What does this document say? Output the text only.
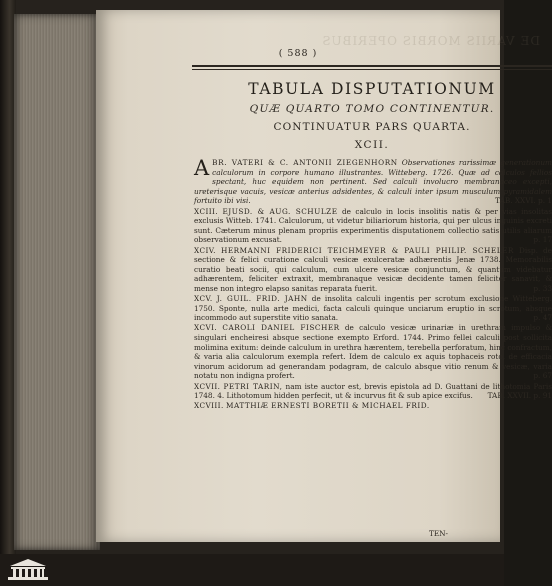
DE VARIIS MORBIS OPERIBUS
( 588 )
TABULA DISPUTATIONUM
QUÆ QUARTO TOMO CONTINENTUR.
CONTINUATUR PARS QUARTA.
XCII.
A BR. VATERI & C. ANTONII ZIEGENHORN Observationes rarissimæ generationum calculorum in corpore humano illustrantes. Witteberg. 1726. Quæ ad calculos fellios spectant, huc equidem non pertinent. Sed calculi involucro membranaceo excepti, ureterisque vacuis, vesicæ anterius adsidentes, & calculi inter ipsum musculum pyramidalem fortuito ibi visi.	TAB. XXVI. p. 1
XCIII. EJUSD. & AUG. SCHULZE de calculo in locis insolitis natis & per vias insolitas exclusis Witteb. 1741. Calculorum, ut videtur biliariorum historia, qui per ulcus inguinis excreti sunt. Cæterum minus plenam propriis experimentis disputationem collectio satis utilis aliarum observationum excusat.	p. 17
XCIV. HERMANNI FRIDERICI TEICHMEYER & PAULI PHILIP. SCHELER Disp. de sectione & felici curatione calculi vesicæ exulceratæ adhærentis Jenæ 1738. Memorabilis curatio beati socii, qui calculum, cum ulcere vesicæ conjunctum, & quantum videbatur adhærentem, feliciter extraxit, membranaque vesicæ decidente tamen feliciter sanavit, & mense non integro elapso sanitas reparata fuerit.	p. 33
XCV. J. GUIL. FRID. JAHN de insolita calculi ingentis per scrotum exclusione Witteberg. 1750. Sponte, nulla arte medici, facta calculi quinque unciarum eruptio in scrotum, absque incommodo aut superstite vitio sanata.	p. 47
XCVI. CAROLI DANIEL FISCHER de calculo vesicæ urinariæ in urethram impulso & singulari encheiresi absque sectione exempto Erford. 1744. Primo fellei calculi post sollicita molimina exitum: deinde calculum in urethra hærentem, terebella perforatum, hinc confractum, & varia alia calculorum exempla refert. Idem de calculo ex aquis tophaceis roto, de efficacia vinorum acidorum ad generandam podagram, de calculo absque vitio renum & vesicæ, varia notatu non indigna profert.	p. 67
XCVII. PETRI TARIN, nam iste auctor est, brevis epistola ad D. Guattani de lithotomia Paris 1748. 4. Lithotomum hidden perfecit, ut & incurvus fit & sub apice excifus. TAB. XXVII. p. 91
XCVIII. MATTHIÆ ERNESTI BORETII & MICHAEL FRID.
TEN-
